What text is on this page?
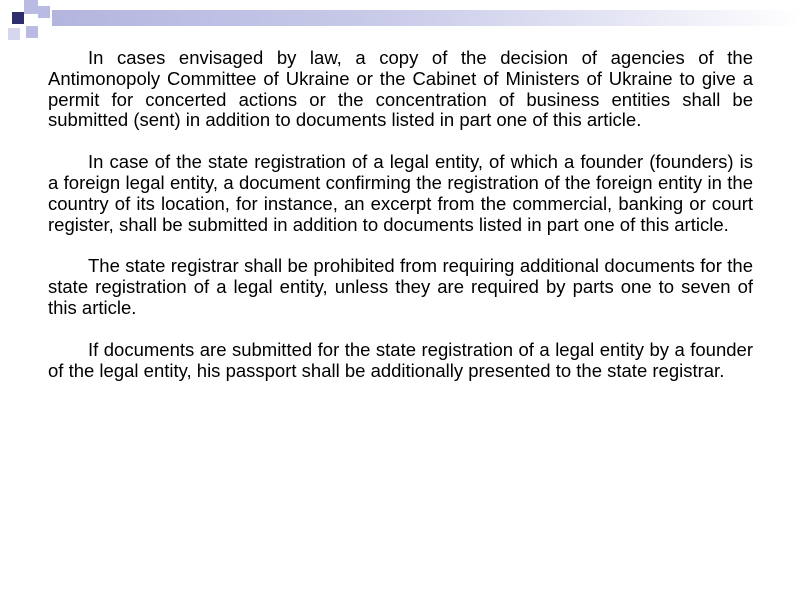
In cases envisaged by law, a copy of the decision of agencies of the Antimonopoly Committee of Ukraine or the Cabinet of Ministers of Ukraine to give a permit for concerted actions or the concentration of business entities shall be submitted (sent) in addition to documents listed in part one of this article.

In case of the state registration of a legal entity, of which a founder (founders) is a foreign legal entity, a document confirming the registration of the foreign entity in the country of its location, for instance, an excerpt from the commercial, banking or court register, shall be submitted in addition to documents listed in part one of this article.

The state registrar shall be prohibited from requiring additional documents for the state registration of a legal entity, unless they are required by parts one to seven of this article.

If documents are submitted for the state registration of a legal entity by a founder of the legal entity, his passport shall be additionally presented to the state registrar.
